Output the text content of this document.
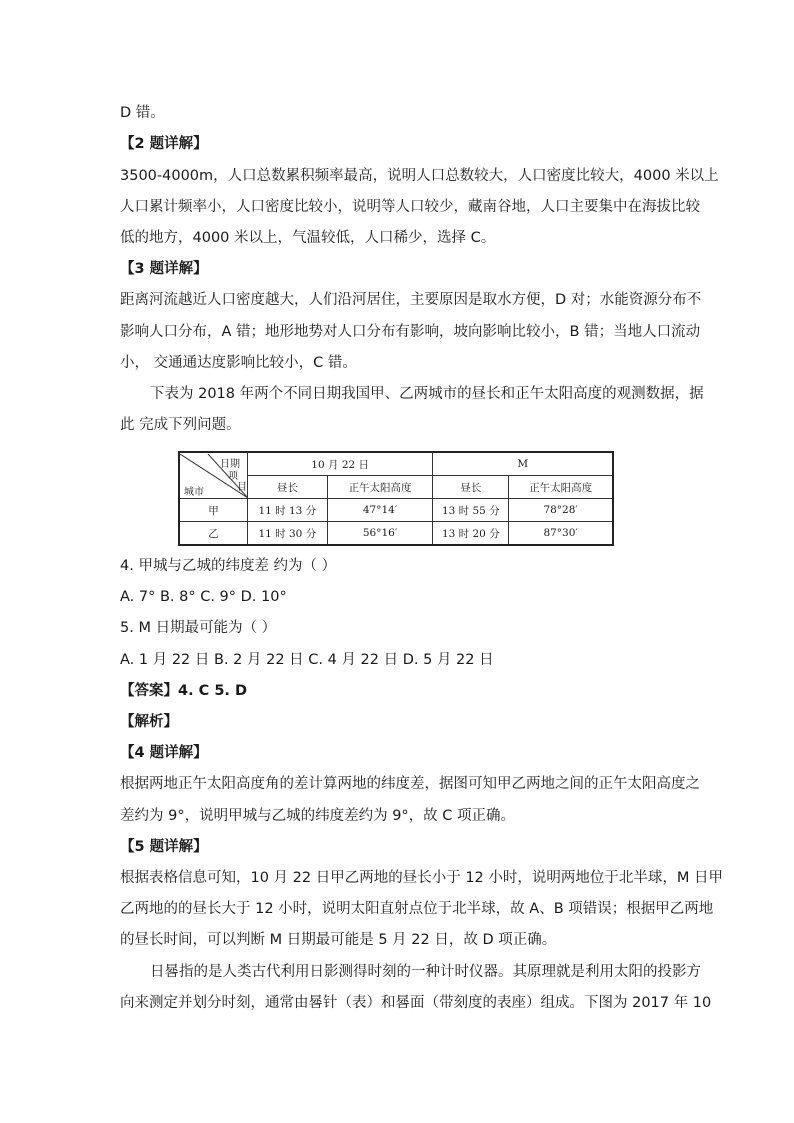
D 错。
【2 题详解】
3500-4000m，人口总数累积频率最高，说明人口总数较大，人口密度比较大，4000 米以上
人口累计频率小，人口密度比较小，说明等人口较少，藏南谷地，人口主要集中在海拔比较
低的地方，4000 米以上，气温较低，人口稀少，选择 C。
【3 题详解】
距离河流越近人口密度越大，人们沿河居住，主要原因是取水方便，D 对；水能资源分布不
影响人口分布，A 错；地形地势对人口分布有影响，坡向影响比较小，B 错；当地人口流动
小， 交通通达度影响比较小，C 错。
下表为 2018 年两个不同日期我国甲、乙两城市的昼长和正午太阳高度的观测数据，据
此 完成下列问题。
日期
项
目
城市	10 月 22 日		M	
	昼长	正午太阳高度	昼长	正午太阳高度
甲	11 时 13 分	47°14′	13 时 55 分	78°28′
乙	11 时 30 分	56°16′	13 时 20 分	87°30′
4. 甲城与乙城的纬度差 约为（ ）
A. 7° B. 8° C. 9° D. 10°
5. M 日期最可能为（ ）
A. 1 月 22 日 B. 2 月 22 日 C. 4 月 22 日 D. 5 月 22 日
【答案】4. C 5. D
【解析】
【4 题详解】
根据两地正午太阳高度角的差计算两地的纬度差，据图可知甲乙两地之间的正午太阳高度之
差约为 9°，说明甲城与乙城的纬度差约为 9°，故 C 项正确。
【5 题详解】
根据表格信息可知，10 月 22 日甲乙两地的昼长小于 12 小时，说明两地位于北半球，M 日甲
乙两地的的昼长大于 12 小时，说明太阳直射点位于北半球，故 A、B 项错误；根据甲乙两地
的昼长时间，可以判断 M 日期最可能是 5 月 22 日，故 D 项正确。
日晷指的是人类古代利用日影测得时刻的一种计时仪器。其原理就是利用太阳的投影方
向来测定并划分时刻，通常由晷针（表）和晷面（带刻度的表座）组成。下图为 2017 年 10
